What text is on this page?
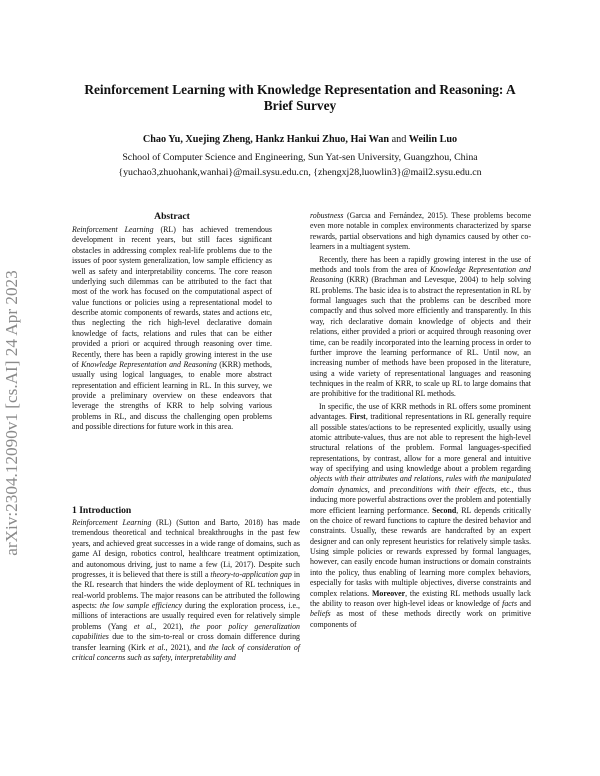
Reinforcement Learning with Knowledge Representation and Reasoning: A Brief Survey
Chao Yu, Xuejing Zheng, Hankz Hankui Zhuo, Hai Wan and Weilin Luo
School of Computer Science and Engineering, Sun Yat-sen University, Guangzhou, China
{yuchao3,zhuohank,wanhai}@mail.sysu.edu.cn, {zhengxj28,luowlin3}@mail2.sysu.edu.cn
arXiv:2304.12090v1 [cs.AI] 24 Apr 2023
Abstract
Reinforcement Learning (RL) has achieved tremendous development in recent years, but still faces significant obstacles in addressing complex real-life problems due to the issues of poor system generalization, low sample efficiency as well as safety and interpretability concerns. The core reason underlying such dilemmas can be attributed to the fact that most of the work has focused on the computational aspect of value functions or policies using a representational model to describe atomic components of rewards, states and actions etc, thus neglecting the rich high-level declarative domain knowledge of facts, relations and rules that can be either provided a priori or acquired through reasoning over time. Recently, there has been a rapidly growing interest in the use of Knowledge Representation and Reasoning (KRR) methods, usually using logical languages, to enable more abstract representation and efficient learning in RL. In this survey, we provide a preliminary overview on these endeavors that leverage the strengths of KRR to help solving various problems in RL, and discuss the challenging open problems and possible directions for future work in this area.
1 Introduction
Reinforcement Learning (RL) (Sutton and Barto, 2018) has made tremendous theoretical and technical breakthroughs in the past few years, and achieved great successes in a wide range of domains, such as game AI design, robotics control, healthcare treatment optimization, and autonomous driving, just to name a few (Li, 2017). Despite such progresses, it is believed that there is still a theory-to-application gap in the RL research that hinders the wide deployment of RL techniques in real-world problems. The major reasons can be attributed the following aspects: the low sample efficiency during the exploration process, i.e., millions of interactions are usually required even for relatively simple problems (Yang et al., 2021), the poor policy generalization capabilities due to the sim-to-real or cross domain difference during transfer learning (Kirk et al., 2021), and the lack of consideration of critical concerns such as safety, interpretability and

robustness (Garcıa and Fernández, 2015). These problems become even more notable in complex environments characterized by sparse rewards, partial observations and high dynamics caused by other co-learners in a multiagent system.

Recently, there has been a rapidly growing interest in the use of methods and tools from the area of Knowledge Representation and Reasoning (KRR) (Brachman and Levesque, 2004) to help solving RL problems. The basic idea is to abstract the representation in RL by formal languages such that the problems can be described more compactly and thus solved more efficiently and transparently. In this way, rich declarative domain knowledge of objects and their relations, either provided a priori or acquired through reasoning over time, can be readily incorporated into the learning process in order to further improve the learning performance of RL. Until now, an increasing number of methods have been proposed in the literature, using a wide variety of representational languages and reasoning techniques in the realm of KRR, to scale up RL to large domains that are prohibitive for the traditional RL methods.

In specific, the use of KRR methods in RL offers some prominent advantages. First, traditional representations in RL generally require all possible states/actions to be represented explicitly, usually using atomic attribute-values, thus are not able to represent the high-level structural relations of the problem. Formal languages-specified representations, by contrast, allow for a more general and intuitive way of specifying and using knowledge about a problem regarding objects with their attributes and relations, rules with the manipulated domain dynamics, and preconditions with their effects, etc., thus inducing more powerful abstractions over the problem and potentially more efficient learning performance. Second, RL depends critically on the choice of reward functions to capture the desired behavior and constraints. Usually, these rewards are handcrafted by an expert designer and can only represent heuristics for relatively simple tasks. Using simple policies or rewards expressed by formal languages, however, can easily encode human instructions or domain constraints into the policy, thus enabling of learning more complex behaviors, especially for tasks with multiple objectives, diverse constraints and complex relations. Moreover, the existing RL methods usually lack the ability to reason over high-level ideas or knowledge of facts and beliefs as most of these methods directly work on primitive components of
